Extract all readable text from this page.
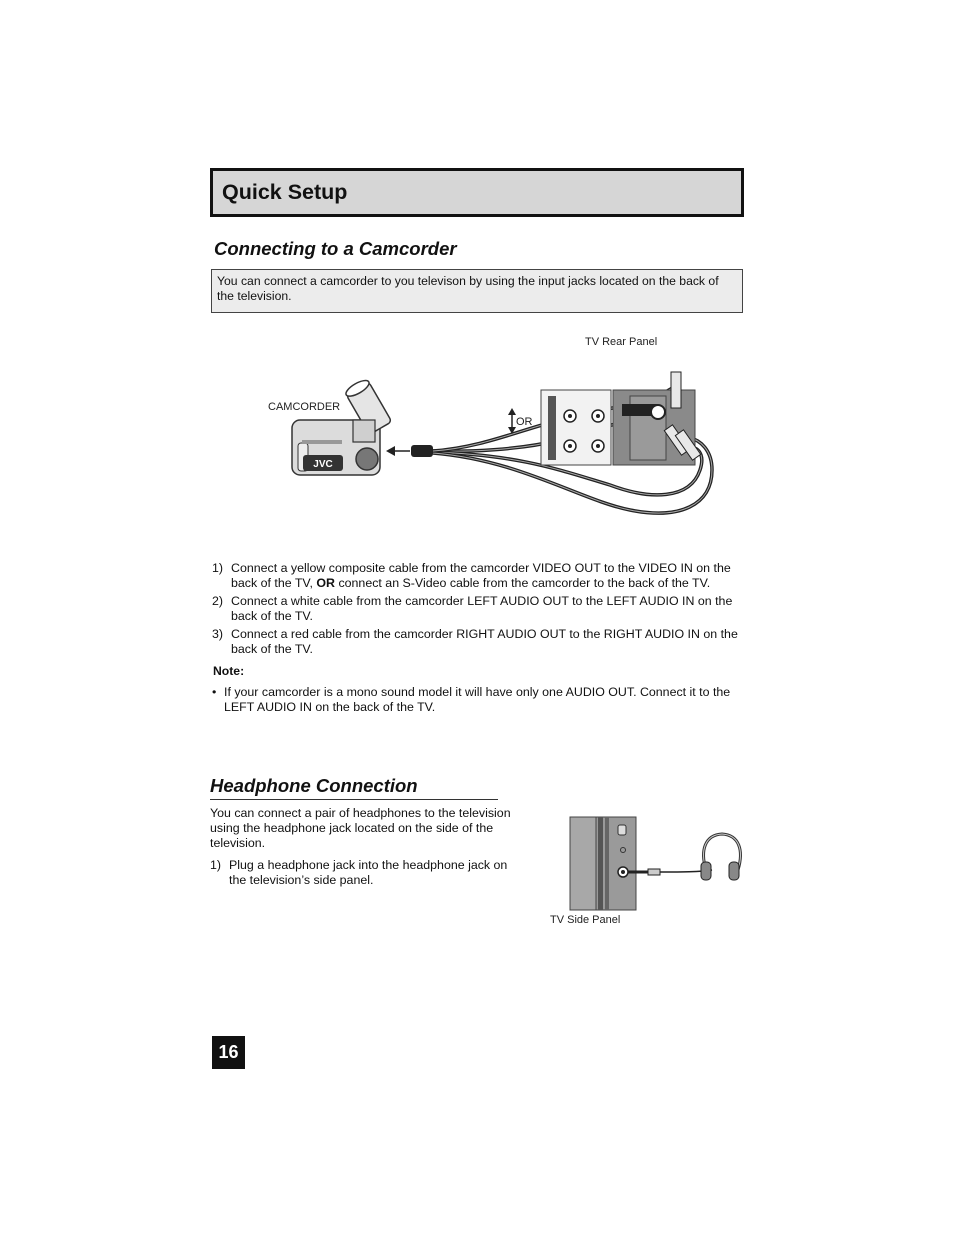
Quick Setup
Connecting to a Camcorder
You can connect a camcorder to you televison by using the input jacks located on the back of the television.
TV Rear Panel
CAMCORDER
JVC
OR
1) Connect a yellow composite cable from the camcorder VIDEO OUT to the VIDEO IN on the back of the TV, OR connect an S-Video cable from the camcorder to the back of the TV.
2) Connect a white cable from the camcorder LEFT AUDIO OUT to the LEFT AUDIO IN on the back of the TV.
3) Connect a red cable from the camcorder RIGHT AUDIO OUT to the RIGHT AUDIO IN on the back of the TV.
Note:
• If your camcorder is a mono sound model it will have only one AUDIO OUT. Connect it to the LEFT AUDIO IN on the back of the TV.
Headphone Connection
You can connect a pair of headphones to the television using the headphone jack located on the side of the television.
1) Plug a headphone jack into the headphone jack on the television’s side panel.
TV Side Panel
16
